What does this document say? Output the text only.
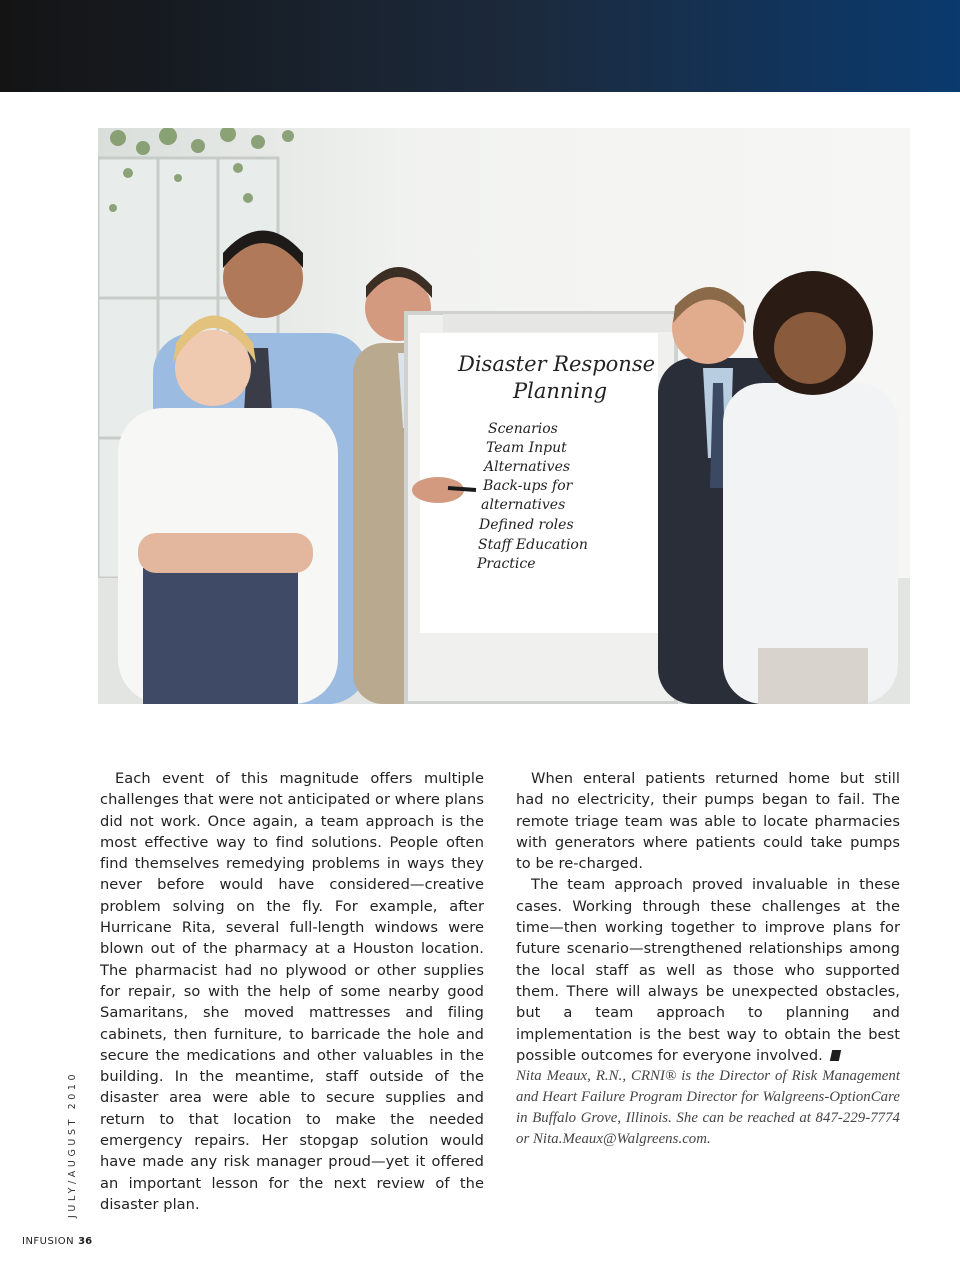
Disaster Response
Planning
Scenarios
Team Input
Alternatives
Back-ups for
alternatives
Defined roles
Staff Education
Practice

Each event of this magnitude offers multiple challenges that were not anticipated or where plans did not work. Once again, a team approach is the most effective way to find solutions. People often find themselves remedying problems in ways they never before would have considered—creative problem solving on the fly. For example, after Hurricane Rita, several full-length windows were blown out of the pharmacy at a Houston location. The pharmacist had no plywood or other supplies for repair, so with the help of some nearby good Samaritans, she moved mattresses and filing cabinets, then furniture, to barricade the hole and secure the medications and other valuables in the building. In the meantime, staff outside of the disaster area were able to secure supplies and return to that location to make the needed emergency repairs. Her stopgap solution would have made any risk manager proud—yet it offered an important lesson for the next review of the disaster plan.

When enteral patients returned home but still had no electricity, their pumps began to fail. The remote triage team was able to locate pharmacies with generators where patients could take pumps to be re-charged.

The team approach proved invaluable in these cases. Working through these challenges at the time—then working together to improve plans for future scenario—strengthened relationships among the local staff as well as those who supported them. There will always be unexpected obstacles, but a team approach to planning and implementation is the best way to obtain the best possible outcomes for everyone involved.

Nita Meaux, R.N., CRNI® is the Director of Risk Management and Heart Failure Program Director for Walgreens-OptionCare in Buffalo Grove, Illinois. She can be reached at 847-229-7774 or Nita.Meaux@Walgreens.com.

JULY/AUGUST 2010
INFUSION 36
